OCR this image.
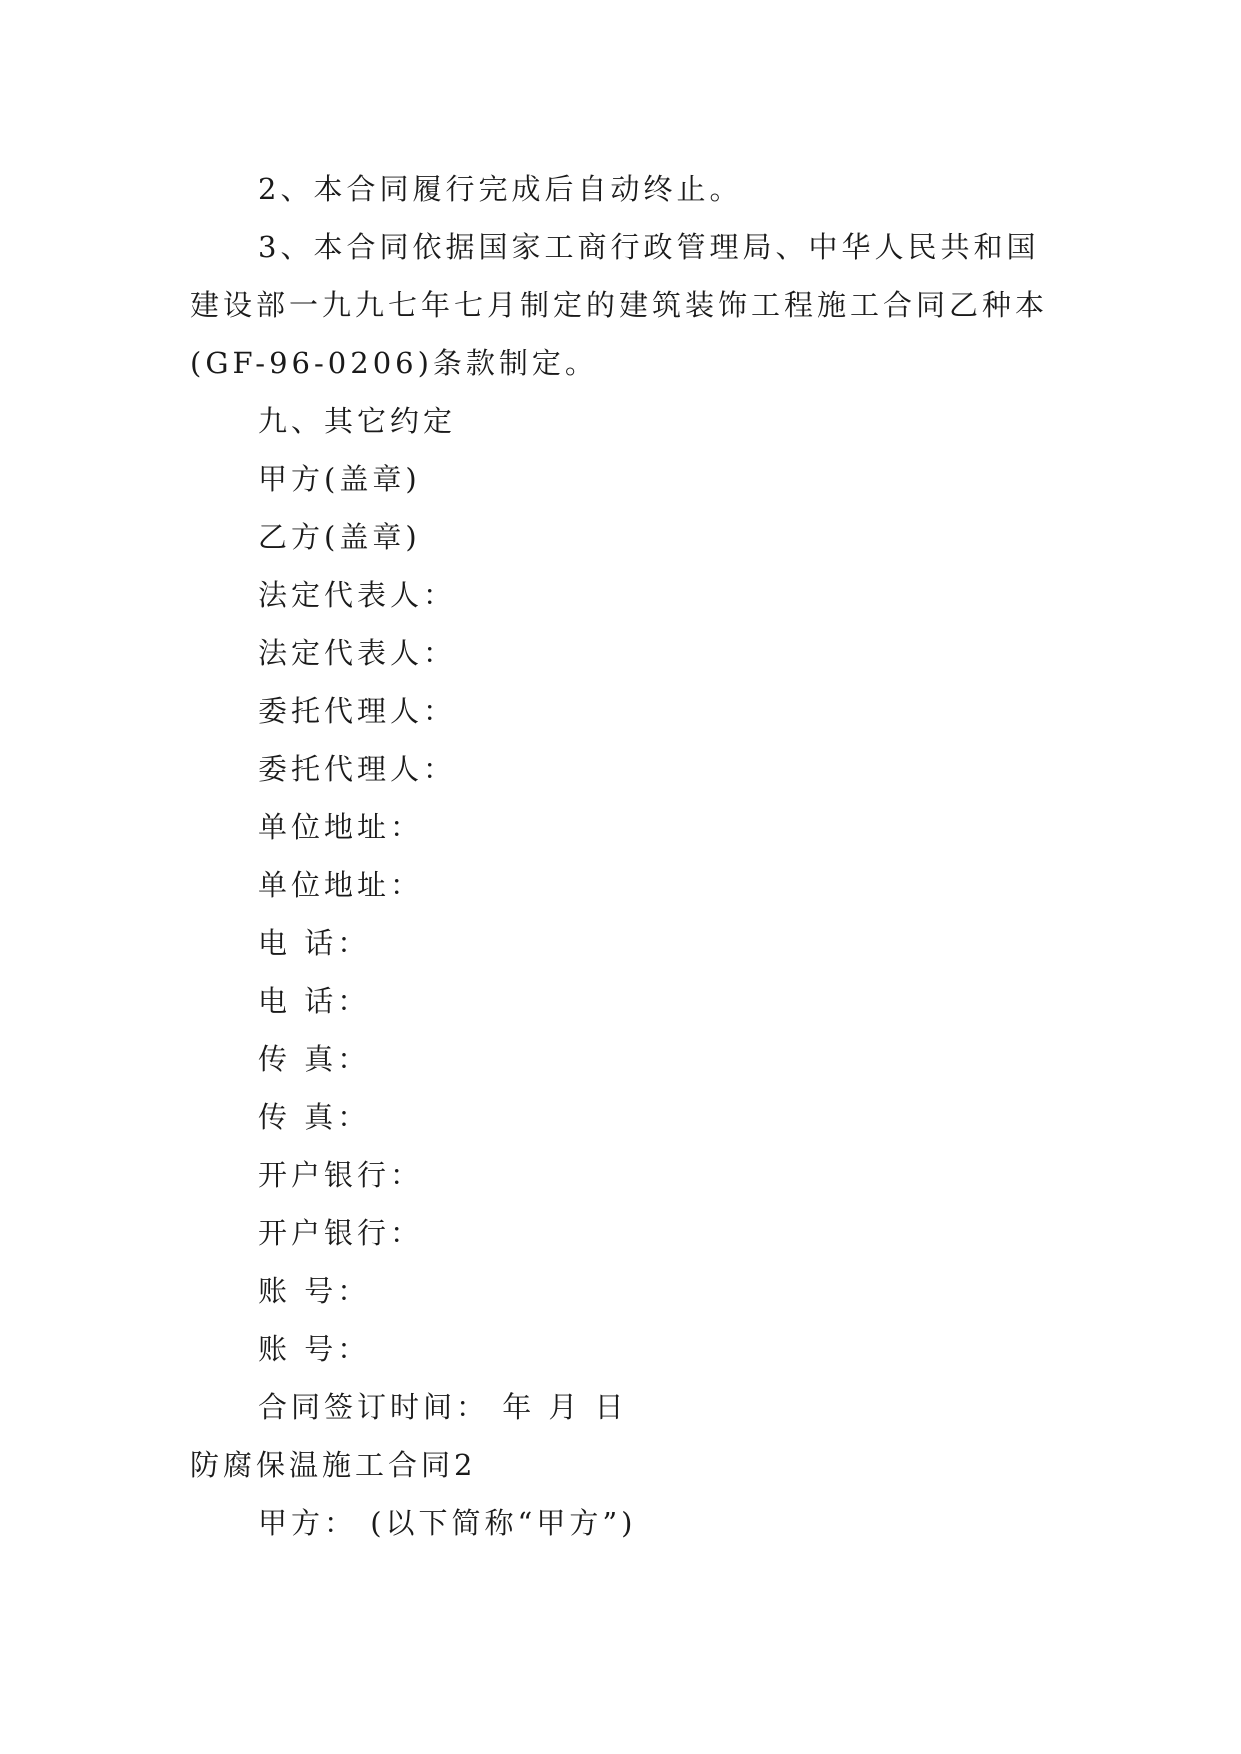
2、本合同履行完成后自动终止。

3、本合同依据国家工商行政管理局、中华人民共和国建设部一九九七年七月制定的建筑装饰工程施工合同乙种本(GF-96-0206)条款制定。

九、其它约定

甲方(盖章)

乙方(盖章)

法定代表人：

法定代表人：

委托代理人：

委托代理人：

单位地址：

单位地址：

电 话：

电 话：

传 真：

传 真：

开户银行：

开户银行：

账 号：

账 号：

合同签订时间： 年 月 日

防腐保温施工合同2

甲方： (以下简称“甲方”)
